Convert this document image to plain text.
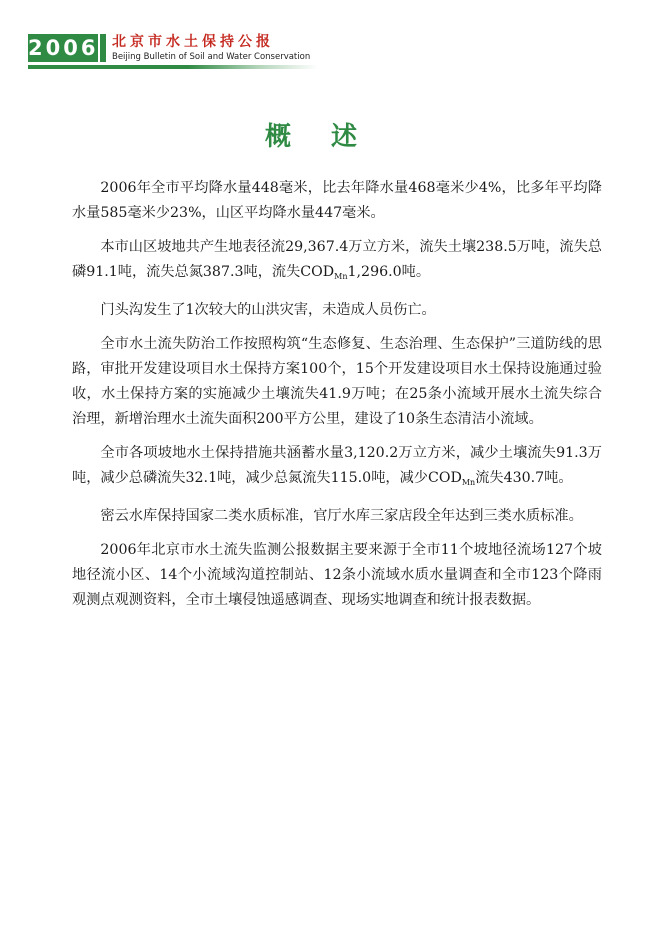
2006 北京市水土保持公报
Beijing Bulletin of Soil and Water Conservation
概述

2006年全市平均降水量448毫米，比去年降水量468毫米少4%，比多年平均降水量585毫米少23%，山区平均降水量447毫米。

本市山区坡地共产生地表径流29,367.4万立方米，流失土壤238.5万吨，流失总磷91.1吨，流失总氮387.3吨，流失$COD_{Mn}1,296.0$吨。

门头沟发生了1次较大的山洪灾害，未造成人员伤亡。

全市水土流失防治工作按照构筑“生态修复、生态治理、生态保护”三道防线的思路，审批开发建设项目水土保持方案100个，15个开发建设项目水土保持设施通过验收，水土保持方案的实施减少土壤流失41.9万吨；在25条小流域开展水土流失综合治理，新增治理水土流失面积200平方公里，建设了10条生态清洁小流域。

全市各项坡地水土保持措施共涵蓄水量3,120.2万立方米，减少土壤流失91.3万吨，减少总磷流失32.1吨，减少总氮流失115.0吨，减少$COD_{Mn}$流失430.7吨。

密云水库保持国家二类水质标准，官厅水库三家店段全年达到三类水质标准。

2006年北京市水土流失监测公报数据主要来源于全市11个坡地径流场127个坡地径流小区、14个小流域沟道控制站、12条小流域水质水量调查和全市123个降雨观测点观测资料，全市土壤侵蚀遥感调查、现场实地调查和统计报表数据。
